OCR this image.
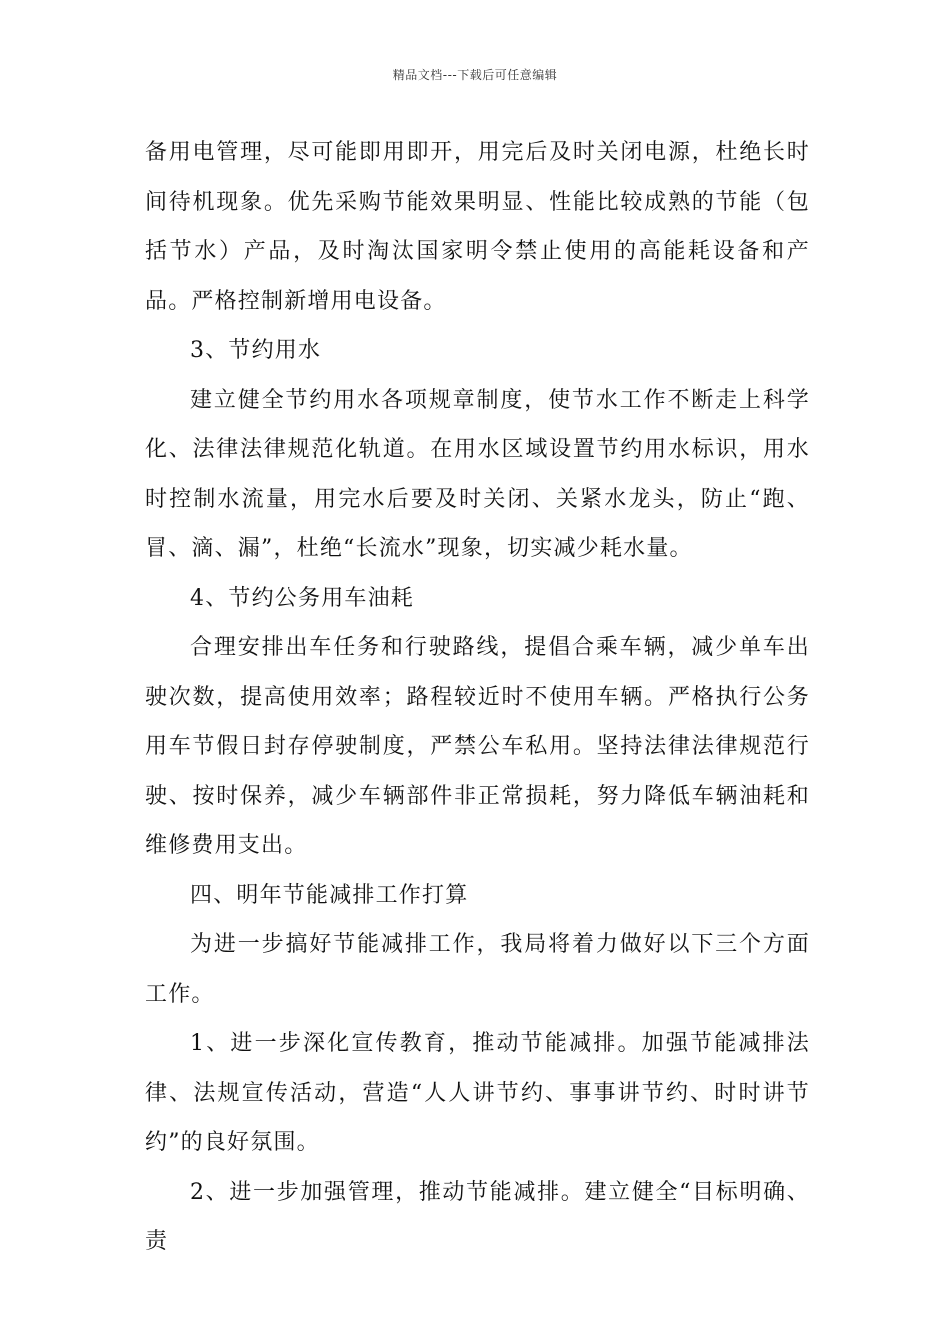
精品文档---下载后可任意编辑

备用电管理，尽可能即用即开，用完后及时关闭电源，杜绝长时间待机现象。优先采购节能效果明显、性能比较成熟的节能（包括节水）产品，及时淘汰国家明令禁止使用的高能耗设备和产品。严格控制新增用电设备。

3、节约用水

建立健全节约用水各项规章制度，使节水工作不断走上科学化、法律法律规范化轨道。在用水区域设置节约用水标识，用水时控制水流量，用完水后要及时关闭、关紧水龙头，防止“跑、冒、滴、漏”，杜绝“长流水”现象，切实减少耗水量。

4、节约公务用车油耗

合理安排出车任务和行驶路线，提倡合乘车辆，减少单车出驶次数，提高使用效率；路程较近时不使用车辆。严格执行公务用车节假日封存停驶制度，严禁公车私用。坚持法律法律规范行驶、按时保养，减少车辆部件非正常损耗，努力降低车辆油耗和维修费用支出。

四、明年节能减排工作打算

为进一步搞好节能减排工作，我局将着力做好以下三个方面工作。

1、进一步深化宣传教育，推动节能减排。加强节能减排法律、法规宣传活动，营造“人人讲节约、事事讲节约、时时讲节约”的良好氛围。

2、进一步加强管理，推动节能减排。建立健全“目标明确、责
